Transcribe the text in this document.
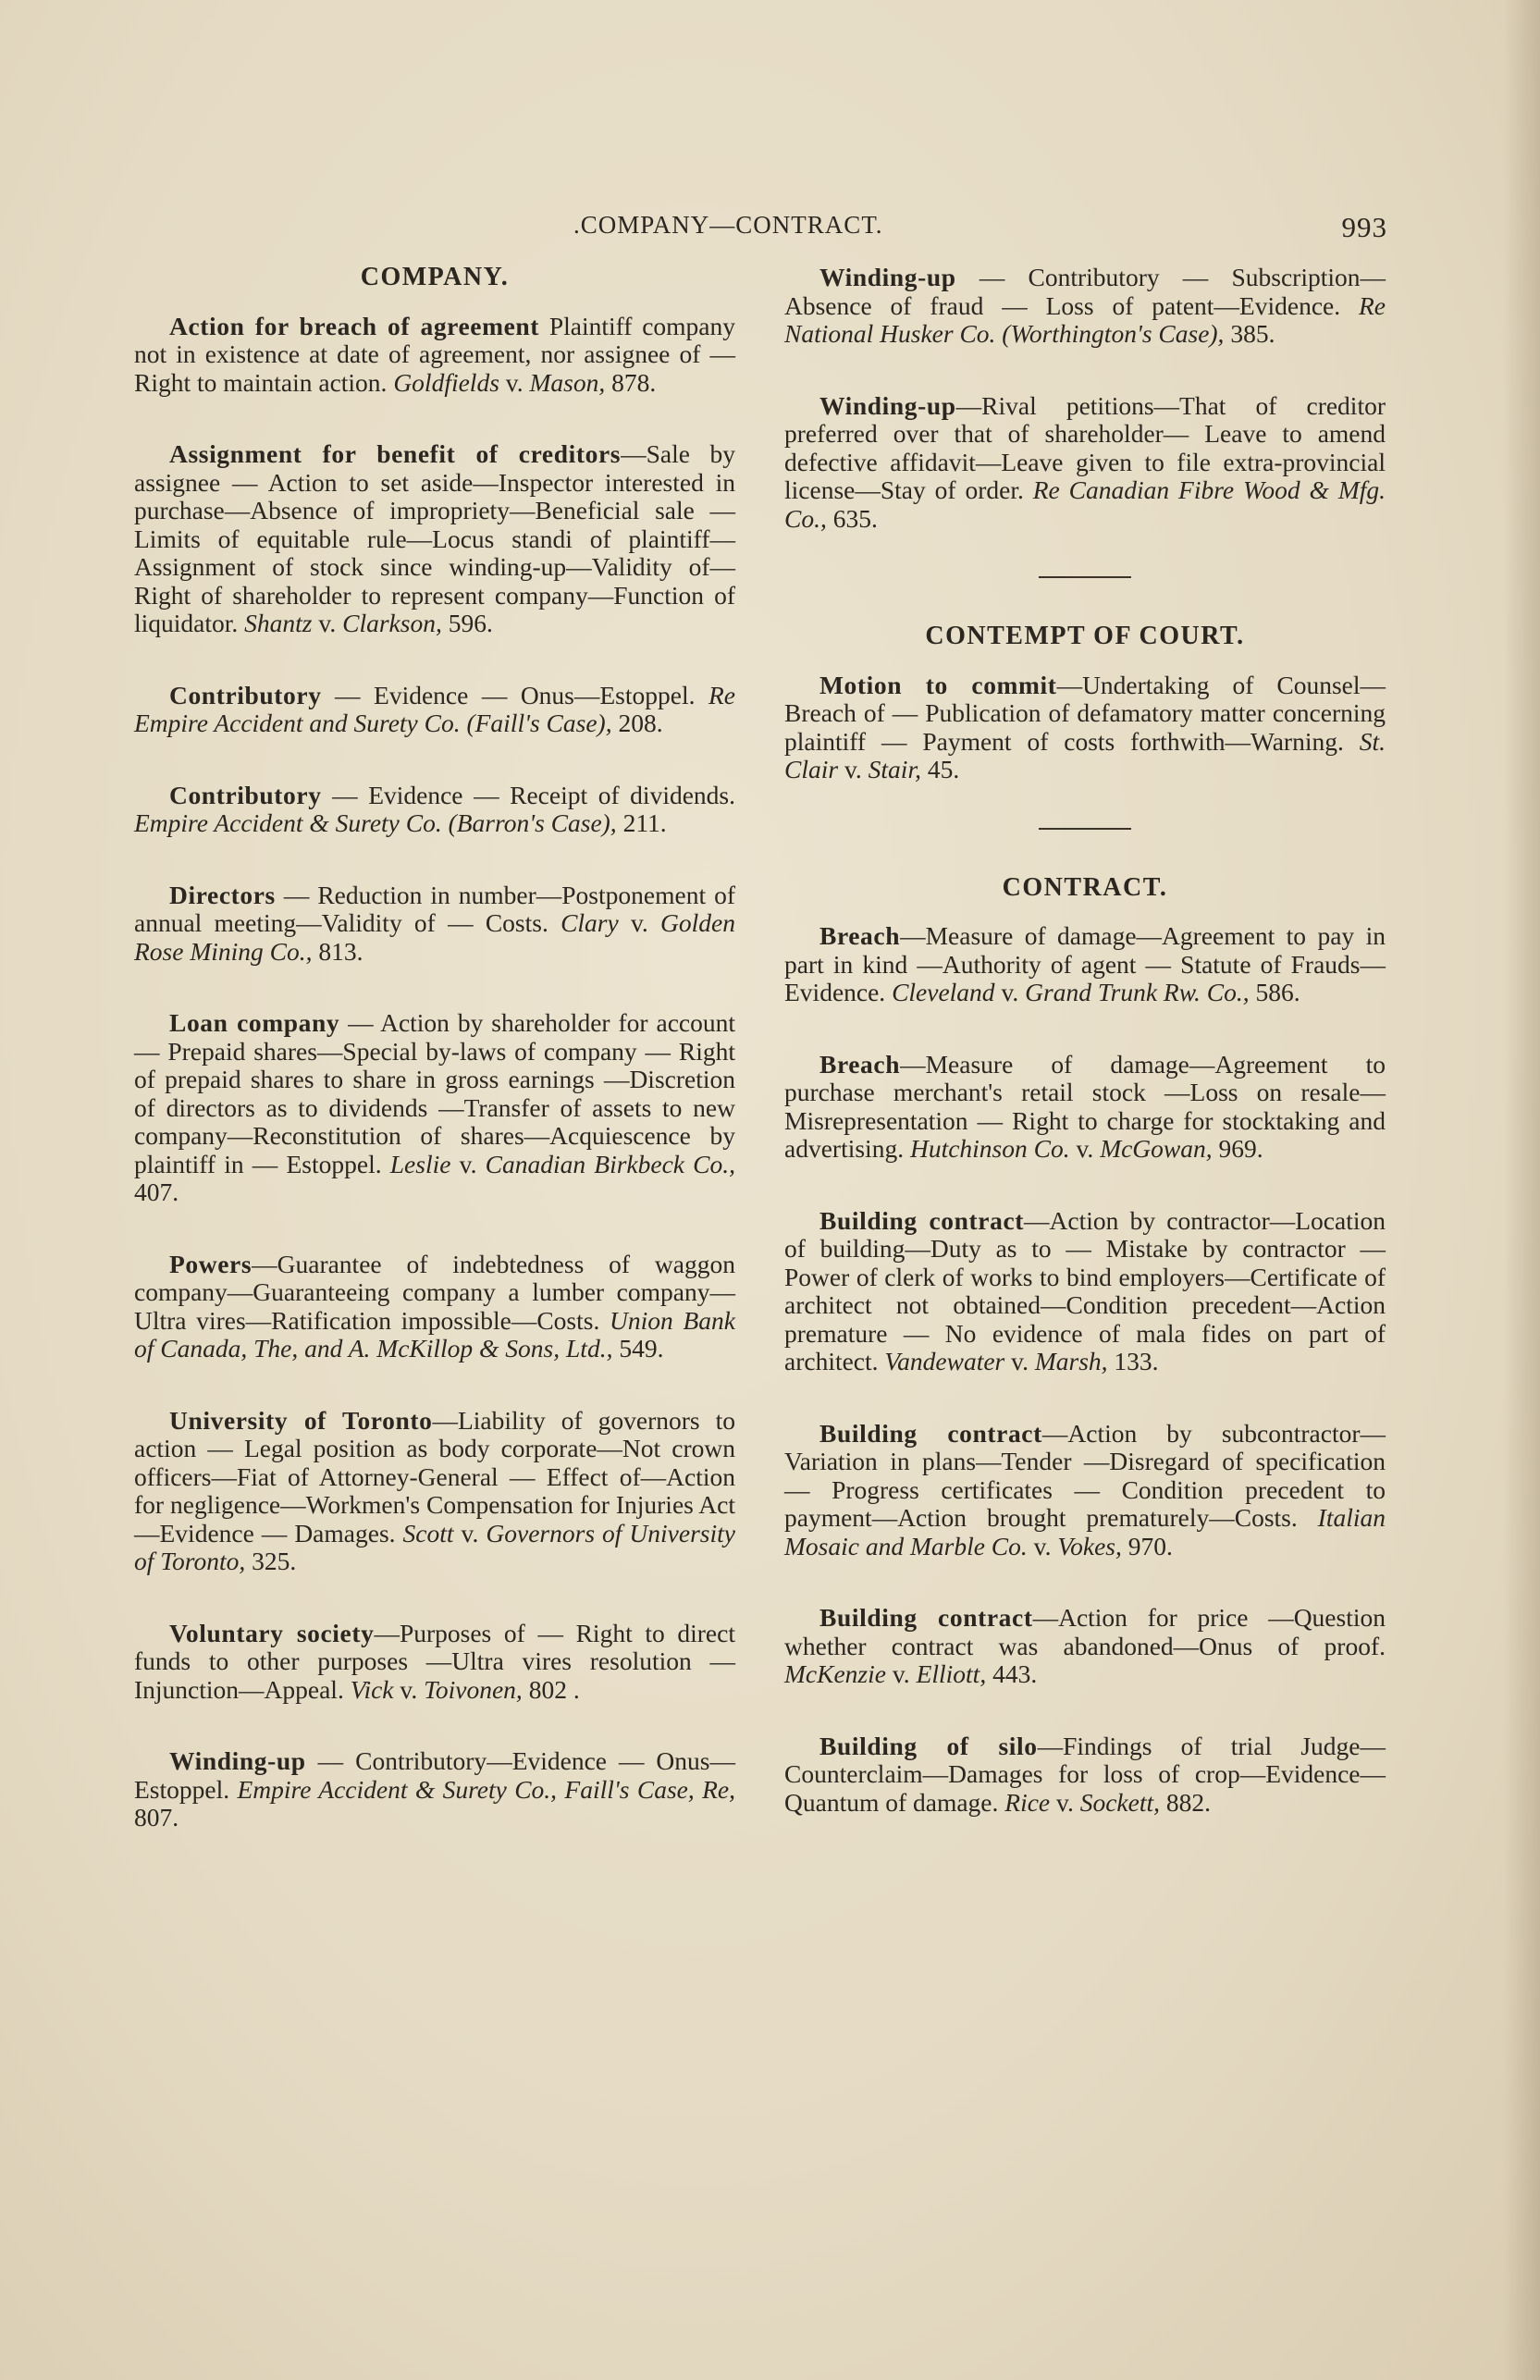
.COMPANY—CONTRACT.	993
COMPANY.

Action for breach of agreement Plaintiff company not in existence at date of agreement, nor assignee of — Right to maintain action. Goldfields v. Mason, 878.

Assignment for benefit of creditors—Sale by assignee — Action to set aside—Inspector interested in purchase—Absence of impropriety—Beneficial sale —Limits of equitable rule—Locus standi of plaintiff—Assignment of stock since winding-up—Validity of—Right of shareholder to represent company—Function of liquidator. Shantz v. Clarkson, 596.

Contributory — Evidence — Onus—Estoppel. Re Empire Accident and Surety Co. (Faill's Case), 208.

Contributory — Evidence — Receipt of dividends. Empire Accident & Surety Co. (Barron's Case), 211.

Directors — Reduction in number—Postponement of annual meeting—Validity of — Costs. Clary v. Golden Rose Mining Co., 813.

Loan company — Action by shareholder for account — Prepaid shares—Special by-laws of company — Right of prepaid shares to share in gross earnings —Discretion of directors as to dividends —Transfer of assets to new company—Reconstitution of shares—Acquiescence by plaintiff in — Estoppel. Leslie v. Canadian Birkbeck Co., 407.

Powers—Guarantee of indebtedness of waggon company—Guaranteeing company a lumber company—Ultra vires—Ratification impossible—Costs. Union Bank of Canada, The, and A. McKillop & Sons, Ltd., 549.

University of Toronto—Liability of governors to action — Legal position as body corporate—Not crown officers—Fiat of Attorney-General — Effect of—Action for negligence—Workmen's Compensation for Injuries Act—Evidence — Damages. Scott v. Governors of University of Toronto, 325.

Voluntary society—Purposes of — Right to direct funds to other purposes —Ultra vires resolution — Injunction—Appeal. Vick v. Toivonen, 802 .

Winding-up — Contributory—Evidence — Onus—Estoppel. Empire Accident & Surety Co., Faill's Case, Re, 807.

Winding-up — Contributory — Subscription—Absence of fraud — Loss of patent—Evidence. Re National Husker Co. (Worthington's Case), 385.

Winding-up—Rival petitions—That of creditor preferred over that of shareholder— Leave to amend defective affidavit—Leave given to file extra-provincial license—Stay of order. Re Canadian Fibre Wood & Mfg. Co., 635.

CONTEMPT OF COURT.

Motion to commit—Undertaking of Counsel—Breach of — Publication of defamatory matter concerning plaintiff — Payment of costs forthwith—Warning. St. Clair v. Stair, 45.

CONTRACT.

Breach—Measure of damage—Agreement to pay in part in kind —Authority of agent — Statute of Frauds—Evidence. Cleveland v. Grand Trunk Rw. Co., 586.

Breach—Measure of damage—Agreement to purchase merchant's retail stock —Loss on resale—Misrepresentation — Right to charge for stocktaking and advertising. Hutchinson Co. v. McGowan, 969.

Building contract—Action by contractor—Location of building—Duty as to — Mistake by contractor — Power of clerk of works to bind employers—Certificate of architect not obtained—Condition precedent—Action premature — No evidence of mala fides on part of architect. Vandewater v. Marsh, 133.

Building contract—Action by subcontractor—Variation in plans—Tender —Disregard of specification — Progress certificates — Condition precedent to payment—Action brought prematurely—Costs. Italian Mosaic and Marble Co. v. Vokes, 970.

Building contract—Action for price —Question whether contract was abandoned—Onus of proof. McKenzie v. Elliott, 443.

Building of silo—Findings of trial Judge—Counterclaim—Damages for loss of crop—Evidence—Quantum of damage. Rice v. Sockett, 882.
